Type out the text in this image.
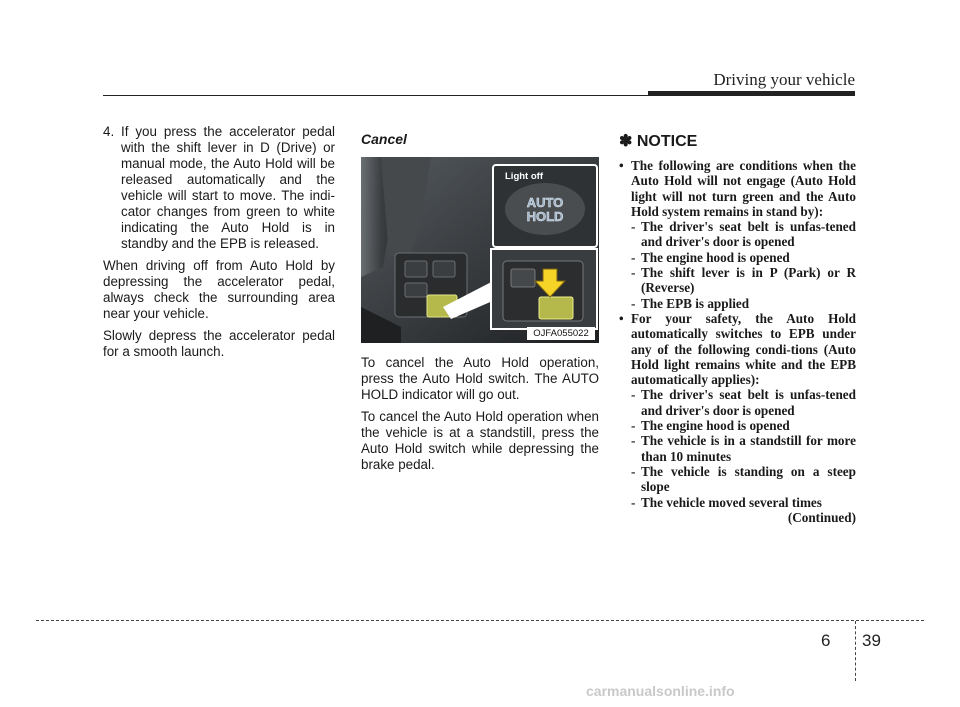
Driving your vehicle
4. If you press the accelerator pedal with the shift lever in D (Drive) or manual mode, the Auto Hold will be released automatically and the vehicle will start to move. The indi-cator changes from green to white indicating the Auto Hold is in standby and the EPB is released.

When driving off from Auto Hold by depressing the accelerator pedal, always check the surrounding area near your vehicle.

Slowly depress the accelerator pedal for a smooth launch.

Cancel
Light off
AUTO
HOLD
OJFA055022

To cancel the Auto Hold operation, press the Auto Hold switch. The AUTO HOLD indicator will go out.

To cancel the Auto Hold operation when the vehicle is at a standstill, press the Auto Hold switch while depressing the brake pedal.

✽ NOTICE

• The following are conditions when the Auto Hold will not engage (Auto Hold light will not turn green and the Auto Hold system remains in stand by):

- The driver's seat belt is unfas-tened and driver's door is opened

- The engine hood is opened

- The shift lever is in P (Park) or R (Reverse)

- The EPB is applied

• For your safety, the Auto Hold automatically switches to EPB under any of the following condi-tions (Auto Hold light remains white and the EPB automatically applies):

- The driver's seat belt is unfas-tened and driver's door is opened

- The engine hood is opened

- The vehicle is in a standstill for more than 10 minutes

- The vehicle is standing on a steep slope

- The vehicle moved several times

(Continued)

6 39
carmanualsonline.info
